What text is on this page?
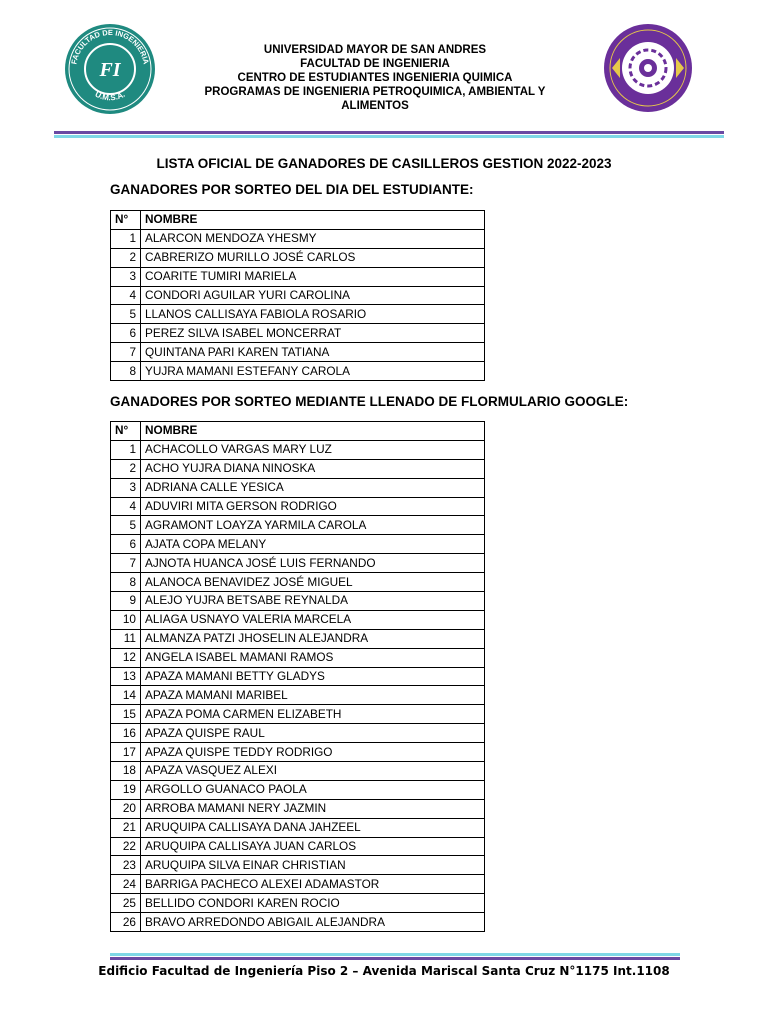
FACULTAD DE INGENIERIA
FI
U.M.S.A.
UNIVERSIDAD MAYOR DE SAN ANDRES
FACULTAD DE INGENIERIA
CENTRO DE ESTUDIANTES INGENIERIA QUIMICA
PROGRAMAS DE INGENIERIA PETROQUIMICA, AMBIENTAL Y
ALIMENTOS
LISTA OFICIAL DE GANADORES DE CASILLEROS GESTION 2022-2023
GANADORES POR SORTEO DEL DIA DEL ESTUDIANTE:
N°	NOMBRE
1	ALARCON MENDOZA YHESMY
2	CABRERIZO MURILLO JOSÉ CARLOS
3	COARITE TUMIRI MARIELA
4	CONDORI AGUILAR YURI CAROLINA
5	LLANOS CALLISAYA FABIOLA ROSARIO
6	PEREZ SILVA ISABEL MONCERRAT
7	QUINTANA PARI KAREN TATIANA
8	YUJRA MAMANI ESTEFANY CAROLA
GANADORES POR SORTEO MEDIANTE LLENADO DE FLORMULARIO GOOGLE:
N°	NOMBRE
1	ACHACOLLO VARGAS MARY LUZ
2	ACHO YUJRA DIANA NINOSKA
3	ADRIANA CALLE YESICA
4	ADUVIRI MITA GERSON RODRIGO
5	AGRAMONT LOAYZA YARMILA CAROLA
6	AJATA COPA MELANY
7	AJNOTA HUANCA JOSÉ LUIS FERNANDO
8	ALANOCA BENAVIDEZ JOSÉ MIGUEL
9	ALEJO YUJRA BETSABE REYNALDA
10	ALIAGA USNAYO VALERIA MARCELA
11	ALMANZA PATZI JHOSELIN ALEJANDRA
12	ANGELA ISABEL MAMANI RAMOS
13	APAZA MAMANI BETTY GLADYS
14	APAZA MAMANI MARIBEL
15	APAZA POMA CARMEN ELIZABETH
16	APAZA QUISPE RAUL
17	APAZA QUISPE TEDDY RODRIGO
18	APAZA VASQUEZ ALEXI
19	ARGOLLO GUANACO PAOLA
20	ARROBA MAMANI NERY JAZMIN
21	ARUQUIPA CALLISAYA DANA JAHZEEL
22	ARUQUIPA CALLISAYA JUAN CARLOS
23	ARUQUIPA SILVA EINAR CHRISTIAN
24	BARRIGA PACHECO ALEXEI ADAMASTOR
25	BELLIDO CONDORI KAREN ROCIO
26	BRAVO ARREDONDO ABIGAIL ALEJANDRA
Edificio Facultad de Ingeniería Piso 2 – Avenida Mariscal Santa Cruz N°1175 Int.1108
